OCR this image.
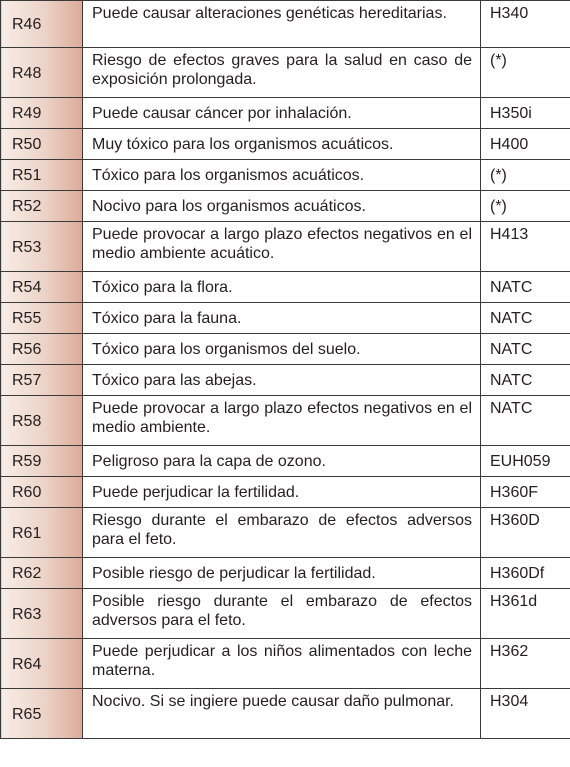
R46	Puede causar alteraciones genéticas hereditarias.	H340
R48	Riesgo de efectos graves para la salud en caso de exposición prolongada.	(*)
R49	Puede causar cáncer por inhalación.	H350i
R50	Muy tóxico para los organismos acuáticos.	H400
R51	Tóxico para los organismos acuáticos.	(*)
R52	Nocivo para los organismos acuáticos.	(*)
R53	Puede provocar a largo plazo efectos negativos en el medio ambiente acuático.	H413
R54	Tóxico para la flora.	NATC
R55	Tóxico para la fauna.	NATC
R56	Tóxico para los organismos del suelo.	NATC
R57	Tóxico para las abejas.	NATC
R58	Puede provocar a largo plazo efectos negativos en el medio ambiente.	NATC
R59	Peligroso para la capa de ozono.	EUH059
R60	Puede perjudicar la fertilidad.	H360F
R61	Riesgo durante el embarazo de efectos adversos para el feto.	H360D
R62	Posible riesgo de perjudicar la fertilidad.	H360Df
R63	Posible riesgo durante el embarazo de efectos adversos para el feto.	H361d
R64	Puede perjudicar a los niños alimentados con leche materna.	H362
R65	Nocivo. Si se ingiere puede causar daño pulmonar.	H304
